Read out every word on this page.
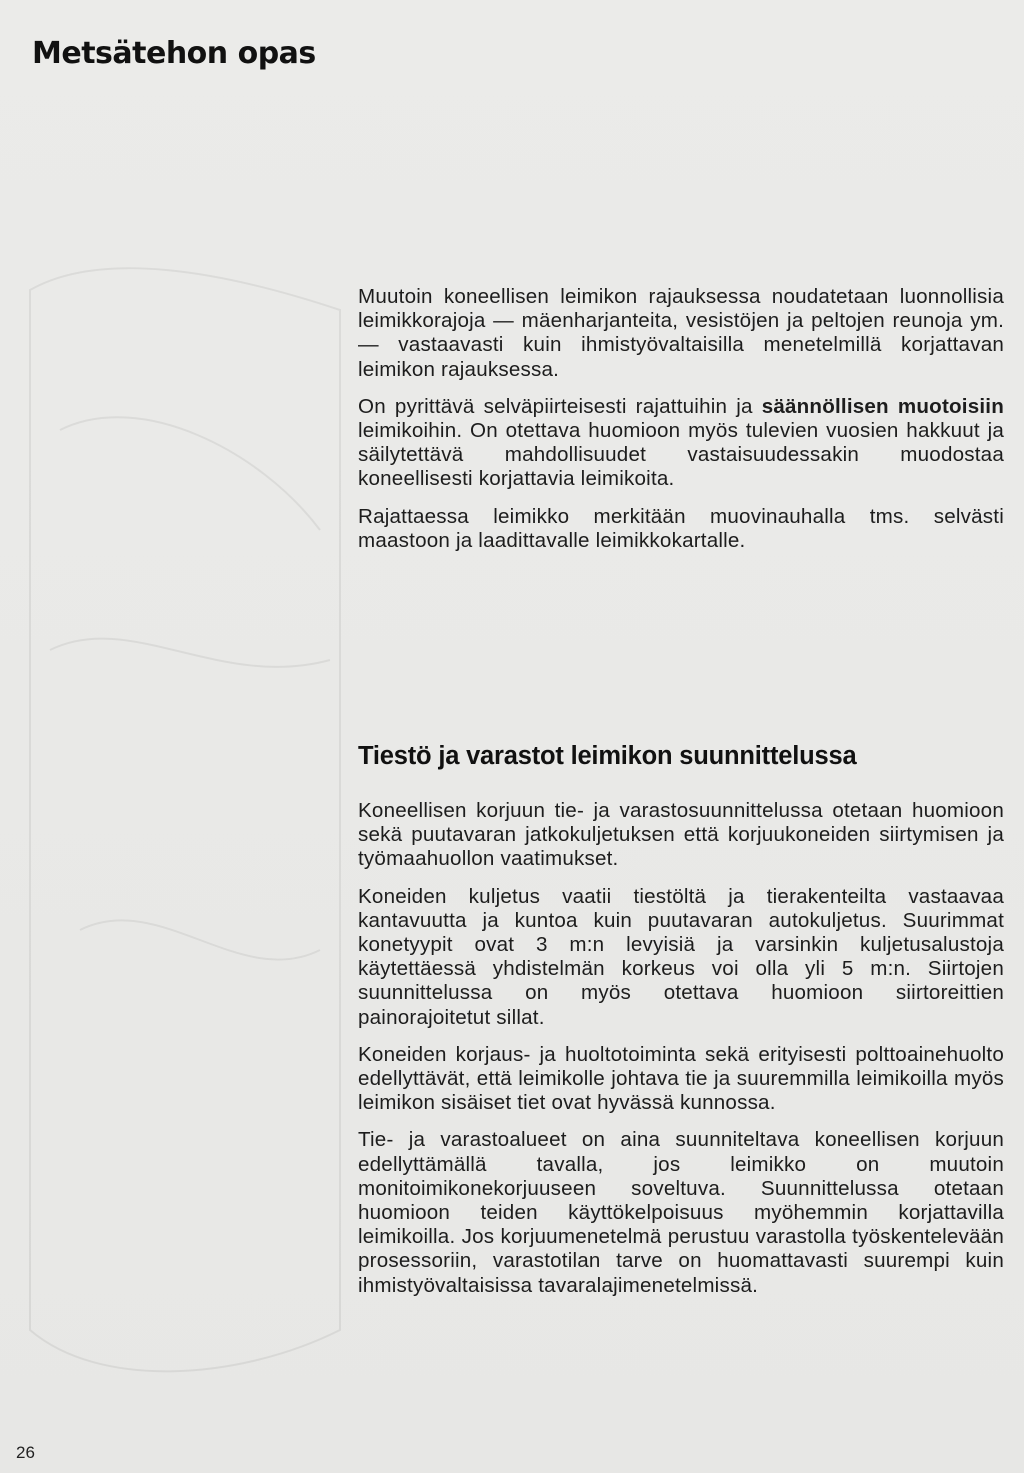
Metsätehon opas

Muutoin koneellisen leimikon rajauksessa noudatetaan luonnollisia leimikkorajoja — mäenharjanteita, vesistöjen ja peltojen reunoja ym. — vastaavasti kuin ihmistyövaltaisilla menetelmillä korjattavan leimikon rajauksessa.

On pyrittävä selväpiirteisesti rajattuihin ja säännöllisen muotoisiin leimikoihin. On otettava huomioon myös tulevien vuosien hakkuut ja säilytettävä mahdollisuudet vastaisuudessakin muodostaa koneellisesti korjattavia leimikoita.

Rajattaessa leimikko merkitään muovinauhalla tms. selvästi maastoon ja laadittavalle leimikkokartalle.

Tiestö ja varastot leimikon suunnittelussa

Koneellisen korjuun tie- ja varastosuunnittelussa otetaan huomioon sekä puutavaran jatkokuljetuksen että korjuukoneiden siirtymisen ja työmaahuollon vaatimukset.

Koneiden kuljetus vaatii tiestöltä ja tierakenteilta vastaavaa kantavuutta ja kuntoa kuin puutavaran autokuljetus. Suurimmat konetyypit ovat 3 m:n levyisiä ja varsinkin kuljetusalustoja käytettäessä yhdistelmän korkeus voi olla yli 5 m:n. Siirtojen suunnittelussa on myös otettava huomioon siirtoreittien painorajoitetut sillat.

Koneiden korjaus- ja huoltotoiminta sekä erityisesti polttoainehuolto edellyttävät, että leimikolle johtava tie ja suuremmilla leimikoilla myös leimikon sisäiset tiet ovat hyvässä kunnossa.

Tie- ja varastoalueet on aina suunniteltava koneellisen korjuun edellyttämällä tavalla, jos leimikko on muutoin monitoimikonekorjuuseen soveltuva. Suunnittelussa otetaan huomioon teiden käyttökelpoisuus myöhemmin korjattavilla leimikoilla. Jos korjuumenetelmä perustuu varastolla työskentelevään prosessoriin, varastotilan tarve on huomattavasti suurempi kuin ihmistyövaltaisissa tavaralajimenetelmissä.

26
